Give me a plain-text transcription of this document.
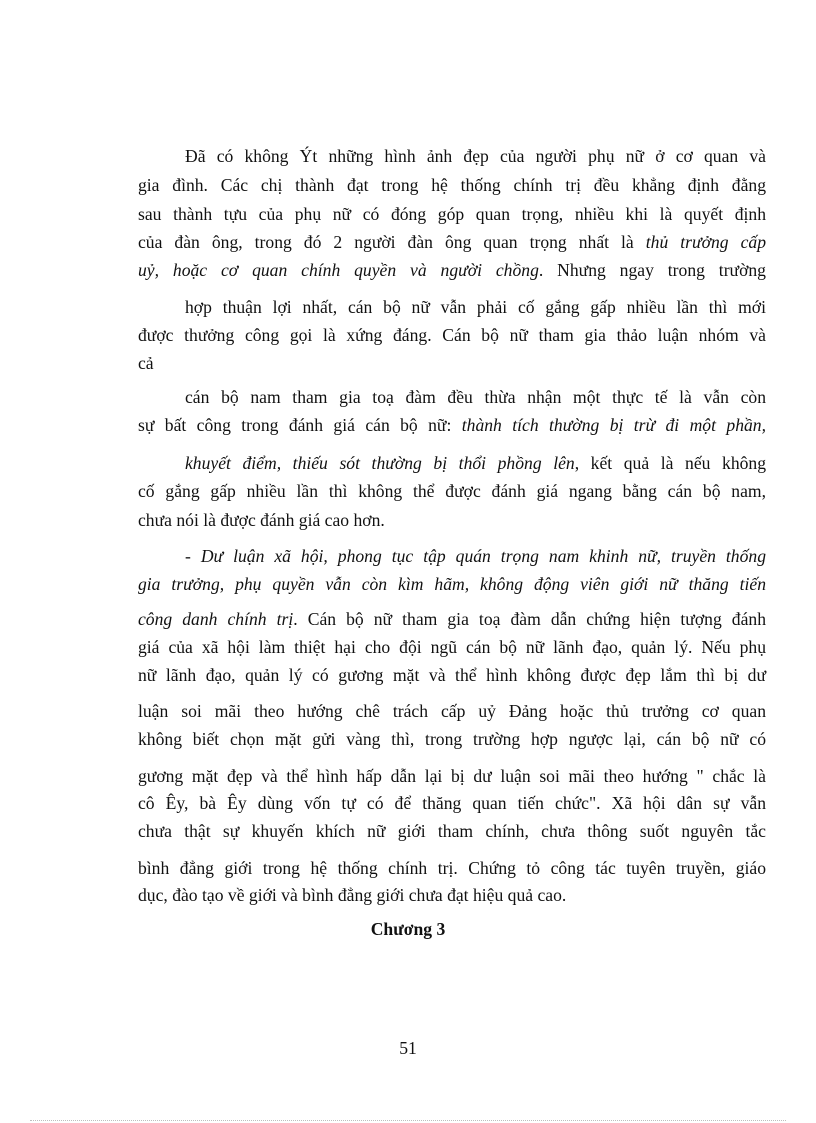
Đã có không Ýt những hình ảnh đẹp của người phụ nữ ở cơ quan và
gia đình. Các chị thành đạt trong hệ thống chính trị đều khẳng định đằng
sau thành tựu của phụ nữ có đóng góp quan trọng, nhiều khi là quyết định
của đàn ông, trong đó 2 người đàn ông quan trọng nhất là thủ trưởng cấp
uỷ, hoặc cơ quan chính quyền và người chồng. Nhưng ngay trong trường
hợp thuận lợi nhất, cán bộ nữ vẫn phải cố gắng gấp nhiều lần thì mới
được thưởng công gọi là xứng đáng. Cán bộ nữ tham gia thảo luận nhóm và
cả
cán bộ nam tham gia toạ đàm đều thừa nhận một thực tế là vẫn còn
sự bất công trong đánh giá cán bộ nữ: thành tích thường bị trừ đi một phần,
khuyết điểm, thiếu sót thường bị thổi phồng lên, kết quả là nếu không
cố gắng gấp nhiều lần thì không thể được đánh giá ngang bằng cán bộ nam,
chưa nói là được đánh giá cao hơn.
- Dư luận xã hội, phong tục tập quán trọng nam khinh nữ, truyền thống
gia trưởng, phụ quyền vẫn còn kìm hãm, không động viên giới nữ thăng tiến
công danh chính trị. Cán bộ nữ tham gia toạ đàm dẫn chứng hiện tượng đánh
giá của xã hội làm thiệt hại cho đội ngũ cán bộ nữ lãnh đạo, quản lý. Nếu phụ
nữ lãnh đạo, quản lý có gương mặt và thể hình không được đẹp lắm thì bị dư
luận soi mãi theo hướng chê trách cấp uỷ Đảng hoặc thủ trưởng cơ quan
không biết chọn mặt gửi vàng thì, trong trường hợp ngược lại, cán bộ nữ có
gương mặt đẹp và thể hình hấp dẫn lại bị dư luận soi mãi theo hướng " chắc là
cô Êy, bà Êy dùng vốn tự có để thăng quan tiến chức". Xã hội dân sự vẫn
chưa thật sự khuyến khích nữ giới tham chính, chưa thông suốt nguyên tắc
bình đẳng giới trong hệ thống chính trị. Chứng tỏ công tác tuyên truyền, giáo
dục, đào tạo về giới và bình đẳng giới chưa đạt hiệu quả cao.
Chương 3
51
